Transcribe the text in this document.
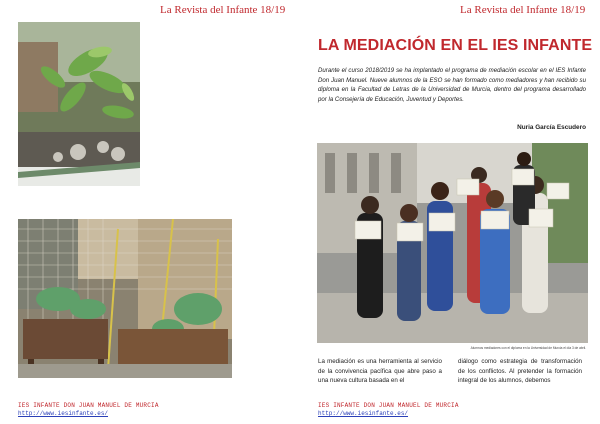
La Revista del Infante 18/19
IES INFANTE DON JUAN MANUEL DE MURCIA
http://www.iesinfante.es/
La Revista del Infante 18/19
LA MEDIACIÓN EN EL IES INFANTE
Durante el curso 2018/2019 se ha implantado el programa de mediación escolar en el IES Infante Don Juan Manuel. Nueve alumnos de la ESO se han formado como mediadores y han recibido su diploma en la Facultad de Letras de la Universidad de Murcia, dentro del programa desarrollado por la Consejería de Educación, Juventud y Deportes.
Nuria García Escudero
Alumnos mediadores con el diploma en la Universidad de Murcia el día 3 de abril.
La mediación es una herramienta al servicio de la convivencia pacífica que abre paso a una nueva cultura basada en el
diálogo como estrategia de transformación de los conflictos. Al pretender la formación integral de los alumnos, debemos
IES INFANTE DON JUAN MANUEL DE MURCIA
http://www.iesinfante.es/
